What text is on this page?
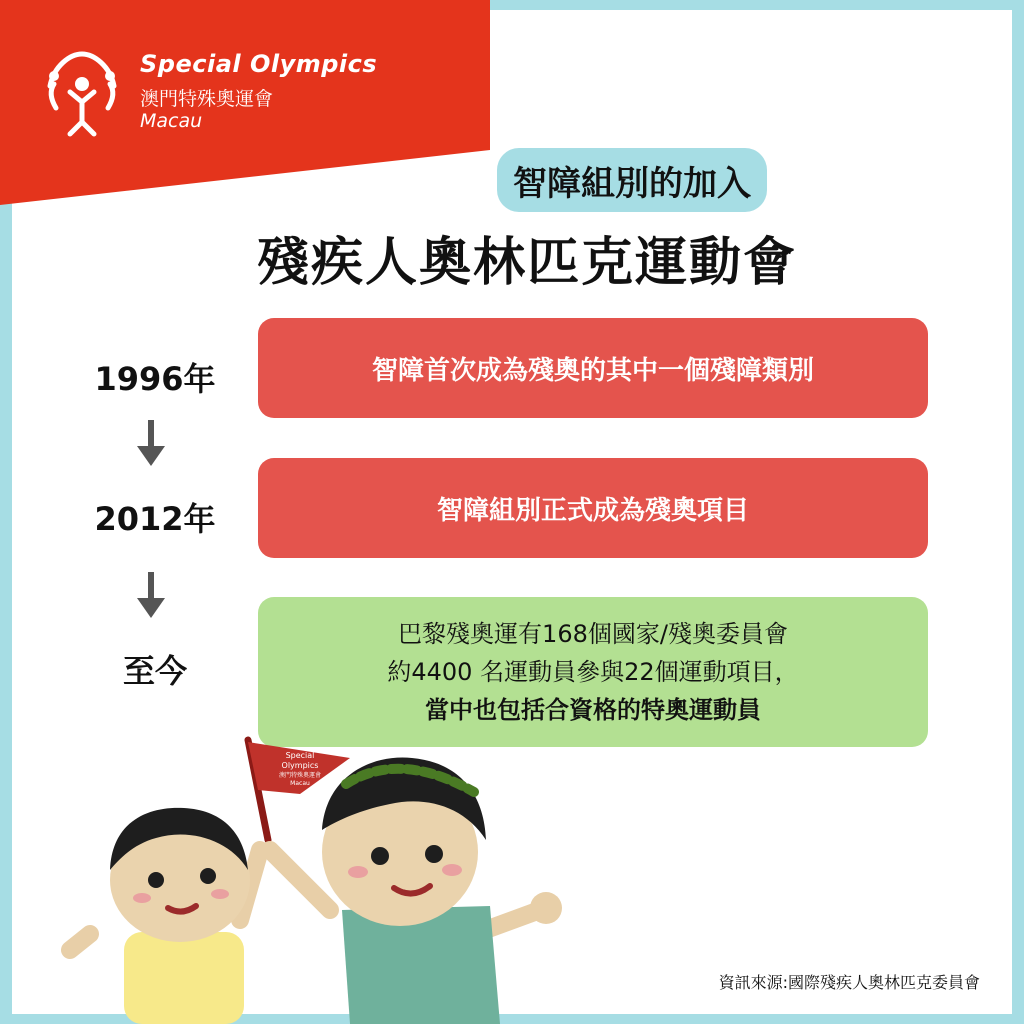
Special Olympics
澳門特殊奧運會
Macau
智障組別的加入
殘疾人奧林匹克運動會
1996年	智障首次成為殘奧的其中一個殘障類別
2012年	智障組別正式成為殘奧項目
至今
巴黎殘奧運有168個國家/殘奧委員會
約4400 名運動員參與22個運動項目，
當中也包括合資格的特奧運動員
Special
Olympics
澳門特殊奧運會
Macau
資訊來源:國際殘疾人奧林匹克委員會
